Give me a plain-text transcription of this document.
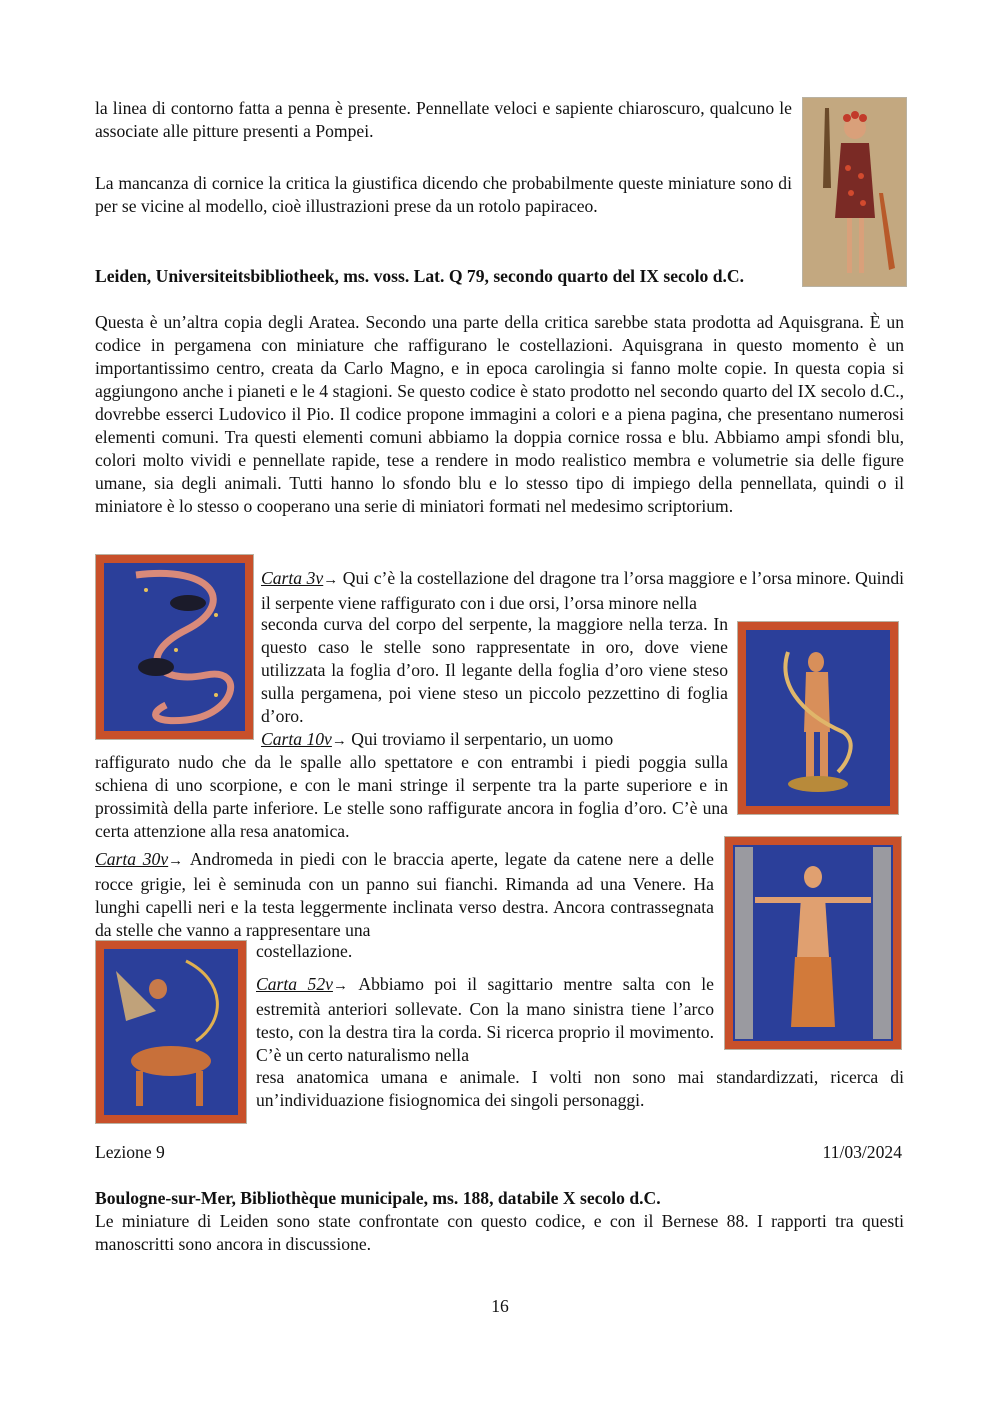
la linea di contorno fatta a penna è presente. Pennellate veloci e sapiente chiaroscuro, qualcuno le associate alle pitture presenti a Pompei.

La mancanza di cornice la critica la giustifica dicendo che probabilmente queste miniature sono di per se vicine al modello, cioè illustrazioni prese da un rotolo papiraceo.

Leiden, Universiteitsbibliotheek, ms. voss. Lat. Q 79, secondo quarto del IX secolo d.C.

Questa è un’altra copia degli Aratea. Secondo una parte della critica sarebbe stata prodotta ad Aquisgrana. È un codice in pergamena con miniature che raffigurano le costellazioni. Aquisgrana in questo momento è un importantissimo centro, creata da Carlo Magno, e in epoca carolingia si fanno molte copie. In questa copia si aggiungono anche i pianeti e le 4 stagioni. Se questo codice è stato prodotto nel secondo quarto del IX secolo d.C., dovrebbe esserci Ludovico il Pio. Il codice propone immagini a colori e a piena pagina, che presentano numerosi elementi comuni. Tra questi elementi comuni abbiamo la doppia cornice rossa e blu. Abbiamo ampi sfondi blu, colori molto vividi e pennellate rapide, tese a rendere in modo realistico membra e volumetrie sia delle figure umane, sia degli animali. Tutti hanno lo sfondo blu e lo stesso tipo di impiego della pennellata, quindi o il miniatore è lo stesso o cooperano una serie di miniatori formati nel medesimo scriptorium.

Carta 3v→ Qui c’è la costellazione del dragone tra l’orsa maggiore e l’orsa minore. Quindi il serpente viene raffigurato con i due orsi, l’orsa minore nella

seconda curva del corpo del serpente, la maggiore nella terza. In questo caso le stelle sono rappresentate in oro, dove viene utilizzata la foglia d’oro. Il legante della foglia d’oro viene steso sulla pergamena, poi viene steso un piccolo pezzettino di foglia d’oro.

Carta 10v→ Qui troviamo il serpentario, un uomo

raffigurato nudo che da le spalle allo spettatore e con entrambi i piedi poggia sulla schiena di uno scorpione, e con le mani stringe il serpente tra la parte superiore e in prossimità della parte inferiore. Le stelle sono raffigurate ancora in foglia d’oro. C’è una certa attenzione alla resa anatomica.

Carta 30v→ Andromeda in piedi con le braccia aperte, legate da catene nere a delle rocce grigie, lei è seminuda con un panno sui fianchi. Rimanda ad una Venere. Ha lunghi capelli neri e la testa leggermente inclinata verso destra. Ancora contrassegnata da stelle che vanno a rappresentare una

costellazione.

Carta 52v→ Abbiamo poi il sagittario mentre salta con le estremità anteriori sollevate. Con la mano sinistra tiene l’arco testo, con la destra tira la corda. Si ricerca proprio il movimento. C’è un certo naturalismo nella

resa anatomica umana e animale. I volti non sono mai standardizzati, ricerca di un’individuazione fisiognomica dei singoli personaggi.

Lezione 9	11/03/2024

Boulogne-sur-Mer, Bibliothèque municipale, ms. 188, databile X secolo d.C.

Le miniature di Leiden sono state confrontate con questo codice, e con il Bernese 88. I rapporti tra questi manoscritti sono ancora in discussione.

16
